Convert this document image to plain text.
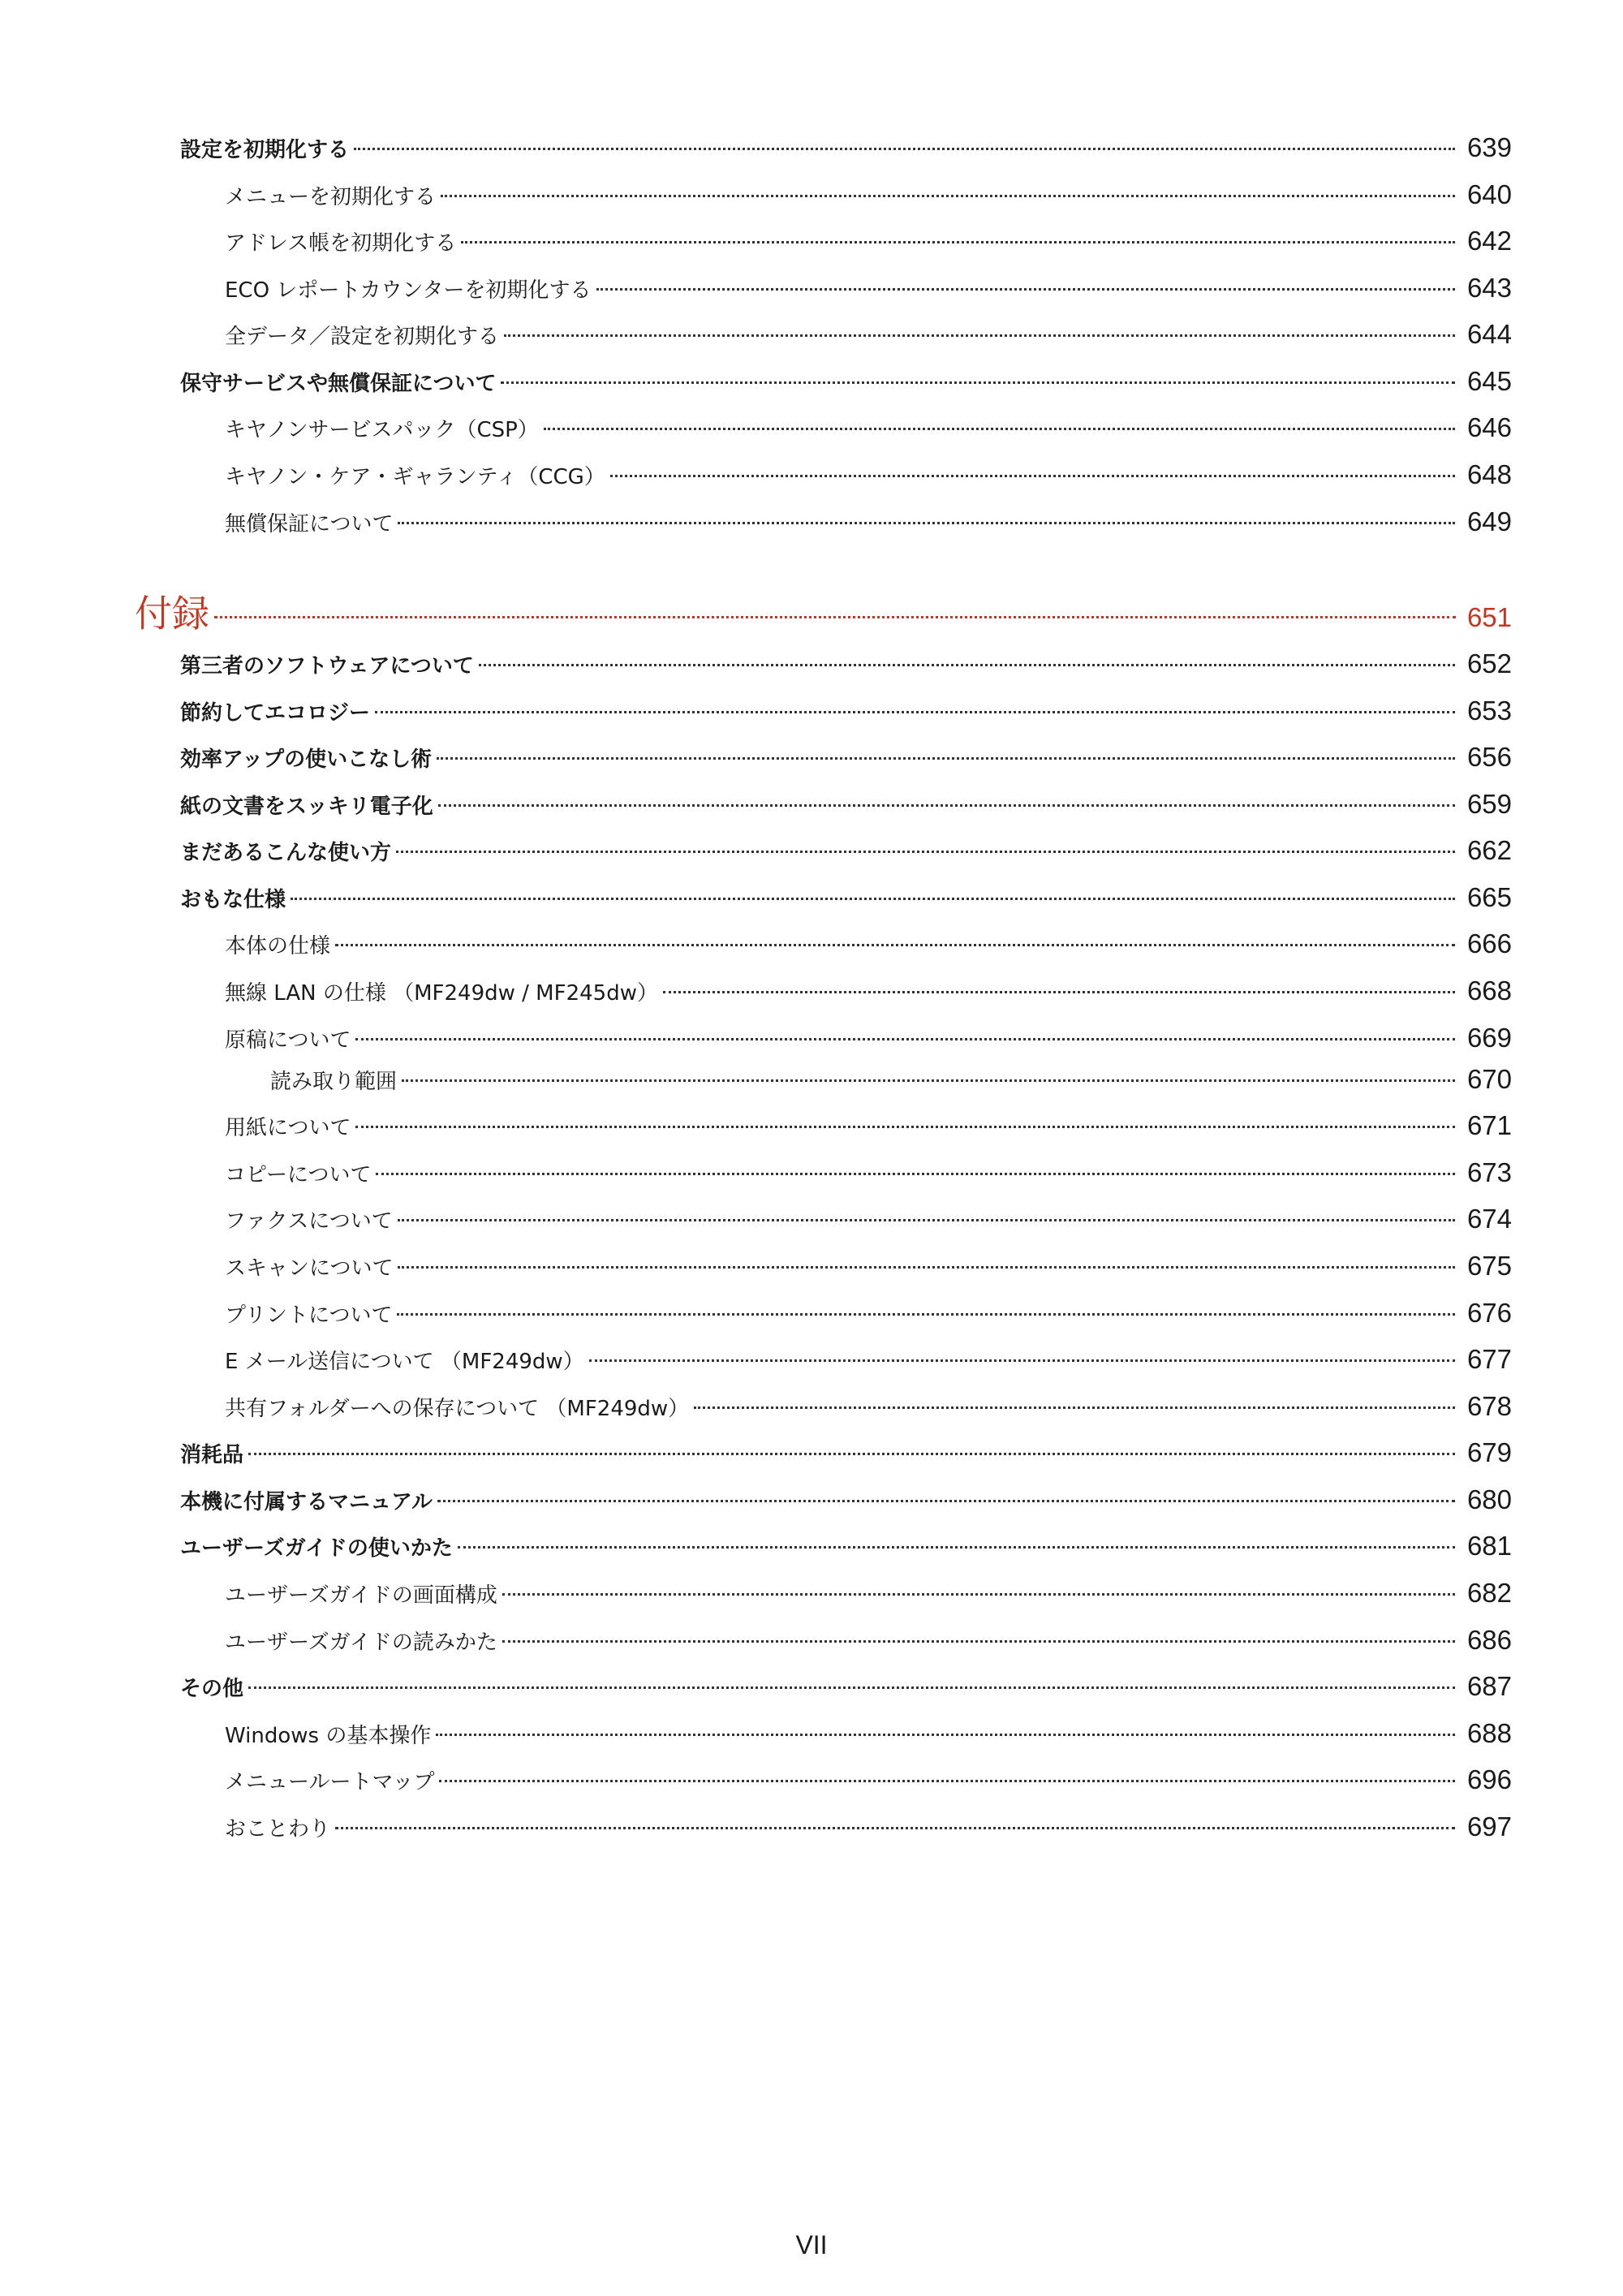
設定を初期化する	639
メニューを初期化する	640
アドレス帳を初期化する	642
ECO レポートカウンターを初期化する	643
全データ／設定を初期化する	644
保守サービスや無償保証について	645
キヤノンサービスパック（CSP）	646
キヤノン・ケア・ギャランティ（CCG）	648
無償保証について	649
付録	651
第三者のソフトウェアについて	652
節約してエコロジー	653
効率アップの使いこなし術	656
紙の文書をスッキリ電子化	659
まだあるこんな使い方	662
おもな仕様	665
本体の仕様	666
無線 LAN の仕様 （MF249dw / MF245dw）	668
原稿について	669
読み取り範囲	670
用紙について	671
コピーについて	673
ファクスについて	674
スキャンについて	675
プリントについて	676
E メール送信について （MF249dw）	677
共有フォルダーへの保存について （MF249dw）	678
消耗品	679
本機に付属するマニュアル	680
ユーザーズガイドの使いかた	681
ユーザーズガイドの画面構成	682
ユーザーズガイドの読みかた	686
その他	687
Windows の基本操作	688
メニュールートマップ	696
おことわり	697
VII
